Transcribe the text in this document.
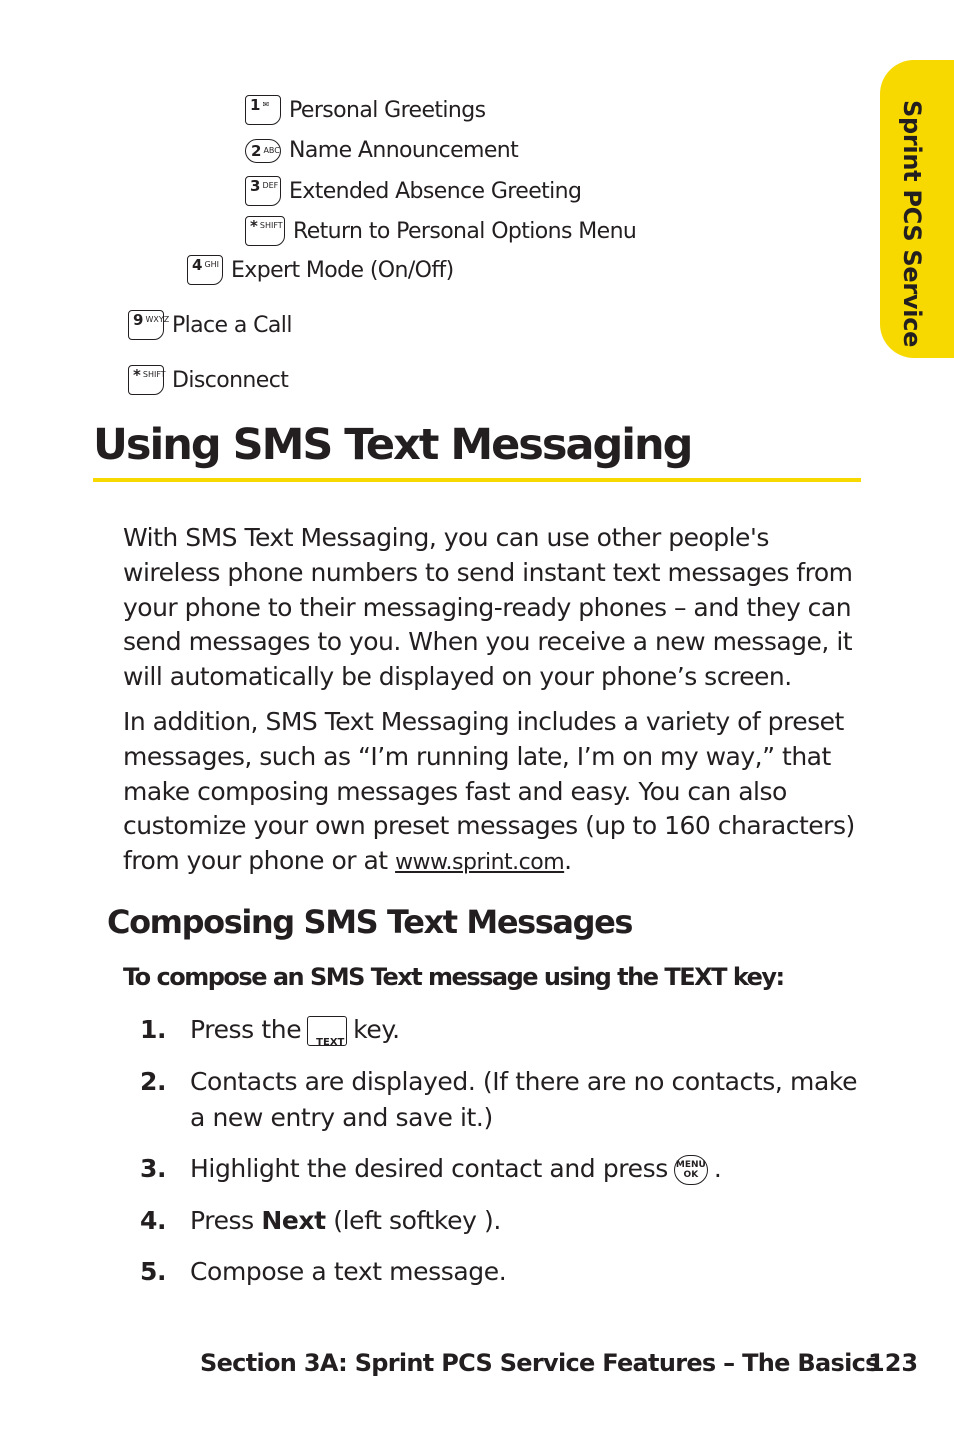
Sprint PCS Service
1 ✉ Personal Greetings
2 $^{ABC}$ Name Announcement
3 $^{DEF}$ Extended Absence Greeting
* $^{SHIFT}$ Return to Personal Options Menu
4 $^{GHI}$ Expert Mode (On/Off)
9 $^{WXYZ}$ Place a Call
* $^{SHIFT}$ Disconnect
Using SMS Text Messaging

With SMS Text Messaging, you can use other people's wireless phone numbers to send instant text messages from your phone to their messaging-ready phones – and they can send messages to you. When you receive a new message, it will automatically be displayed on your phone’s screen.

In addition, SMS Text Messaging includes a variety of preset messages, such as “I’m running late, I’m on my way,” that make composing messages fast and easy. You can also customize your own preset messages (up to 160 characters) from your phone or at www.sprint.com.

Composing SMS Text Messages

To compose an SMS Text message using the TEXT key:

1. Press the TEXT key.
2. Contacts are displayed. (If there are no contacts, make a new entry and save it.)
3. Highlight the desired contact and press MENU
OK .
4. Press Next (left softkey ).
5. Compose a text message.
Section 3A: Sprint PCS Service Features – The Basics
123
